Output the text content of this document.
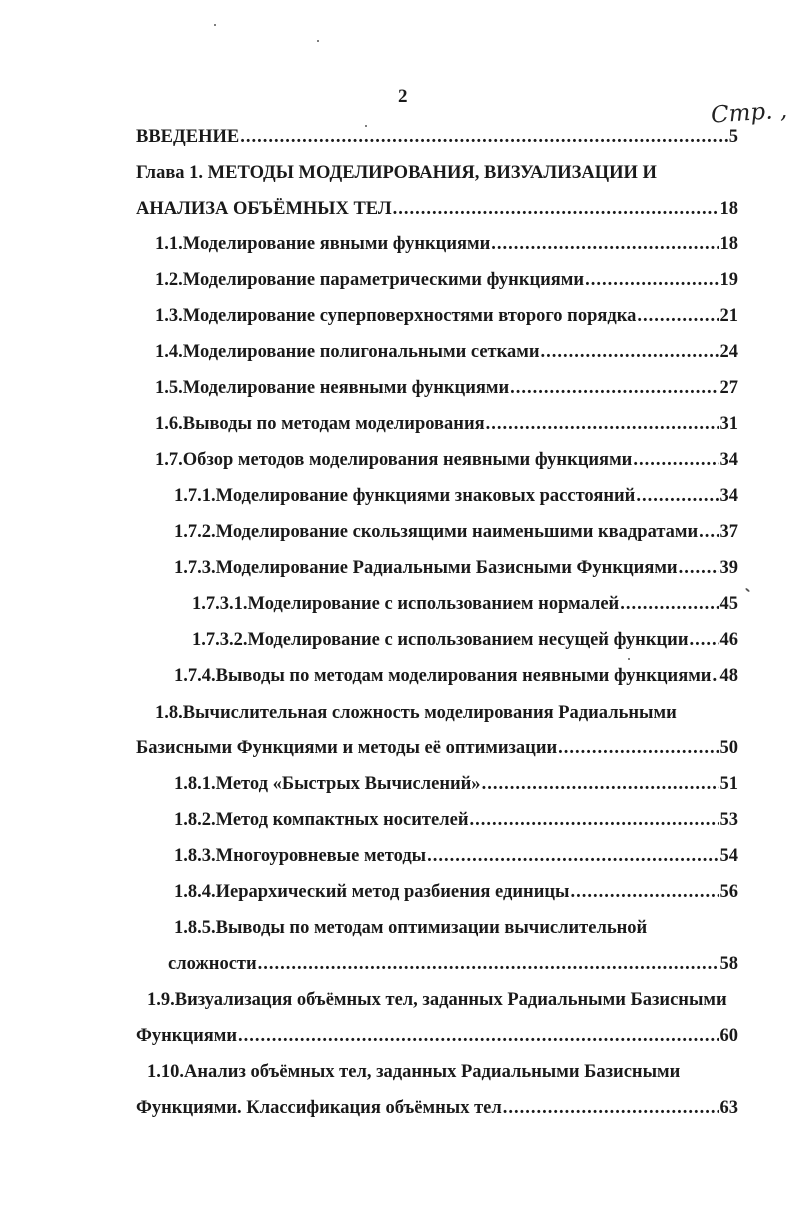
2
Стр. ,
ВВЕДЕНИЕ .....	5
Глава 1. МЕТОДЫ МОДЕЛИРОВАНИЯ, ВИЗУАЛИЗАЦИИ И
АНАЛИЗА ОБЪЁМНЫХ ТЕЛ .....	18
1.1.Моделирование явными функциями .....	18
1.2.Моделирование параметрическими функциями .....	19
1.3.Моделирование суперповерхностями второго порядка .....	21
1.4.Моделирование полигональными сетками .....	24
1.5.Моделирование неявными функциями .....	27
1.6.Выводы по методам моделирования .....	31
1.7.Обзор методов моделирования неявными функциями .....	34
1.7.1.Моделирование функциями знаковых расстояний .....	34
1.7.2.Моделирование скользящими наименьшими квадратами ..... 37
1.7.3.Моделирование Радиальными Базисными Функциями ..... 39
1.7.3.1.Моделирование с использованием нормалей .....	45
1.7.3.2.Моделирование с использованием несущей функции ..... 46
1.7.4.Выводы по методам моделирования неявными функциями ..... 48
1.8.Вычислительная сложность моделирования Радиальными
Базисными Функциями и методы её оптимизации .....	50
1.8.1.Метод «Быстрых Вычислений» .....	51
1.8.2.Метод компактных носителей .....	53
1.8.3.Многоуровневые методы .....	54
1.8.4.Иерархический метод разбиения единицы .....	56
1.8.5.Выводы по методам оптимизации вычислительной
сложности .....	58
1.9.Визуализация объёмных тел, заданных Радиальными Базисными
Функциями .....	60
1.10.Анализ объёмных тел, заданных Радиальными Базисными
Функциями. Классификация объёмных тел .....	63
